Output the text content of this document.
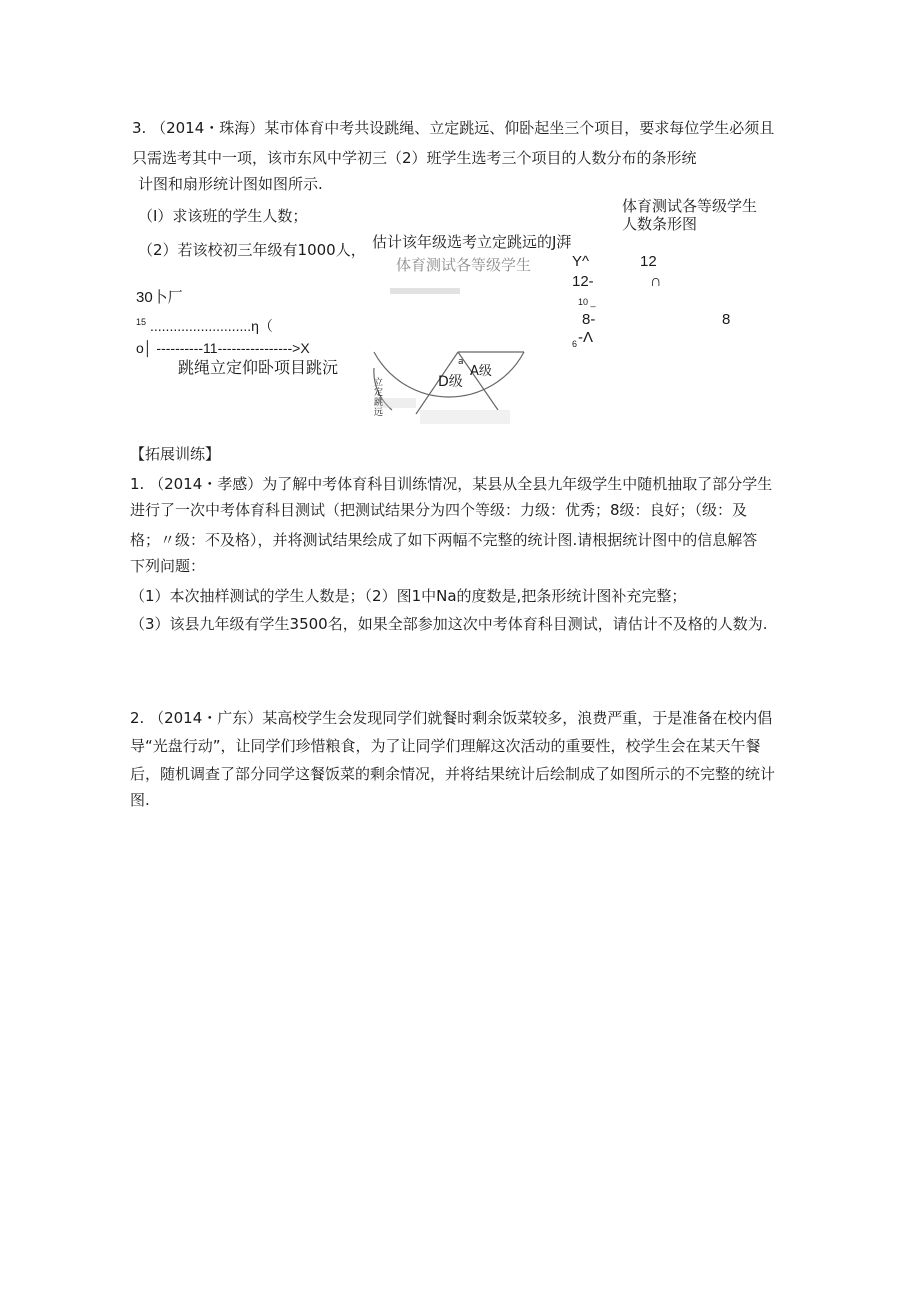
3. （2014・珠海）某市体育中考共设跳绳、立定跳远、仰卧起坐三个项目，要求每位学生必须且
只需选考其中一项，该市东风中学初三（2）班学生选考三个项目的人数分布的条形统
计图和扇形统计图如图所示.
（I）求该班的学生人数；
（2）若该校初三年级有1000人， 估计该年级选考立定跳远的J湃
体育测试各等级学生
体育测试各等级学生
人数条形图
30卜厂
15 ..........................η（
o│ ----------11---------------->X
跳绳立定仰卧项目跳沅
D级
A级
a
立定跳远
Y^	12
12-	∩
10 _
8-	8
6 -Λ
【拓展训练】
1. （2014・孝感）为了解中考体育科目训练情况，某县从全县九年级学生中随机抽取了部分学生
进行了一次中考体育科目测试（把测试结果分为四个等级：力级：优秀；8级：良好；（级：及
格；〃级：不及格），并将测试结果绘成了如下两幅不完整的统计图.请根据统计图中的信息解答
下列问题：
（1）本次抽样测试的学生人数是；（2）图1中Na的度数是,把条形统计图补充完整；
（3）该县九年级有学生3500名，如果全部参加这次中考体育科目测试，请估计不及格的人数为.
2. （2014・广东）某高校学生会发现同学们就餐时剩余饭菜较多，浪费严重，于是准备在校内倡
导“光盘行动”，让同学们珍惜粮食，为了让同学们理解这次活动的重要性，校学生会在某天午餐
后，随机调查了部分同学这餐饭菜的剩余情况，并将结果统计后绘制成了如图所示的不完整的统计
图.
